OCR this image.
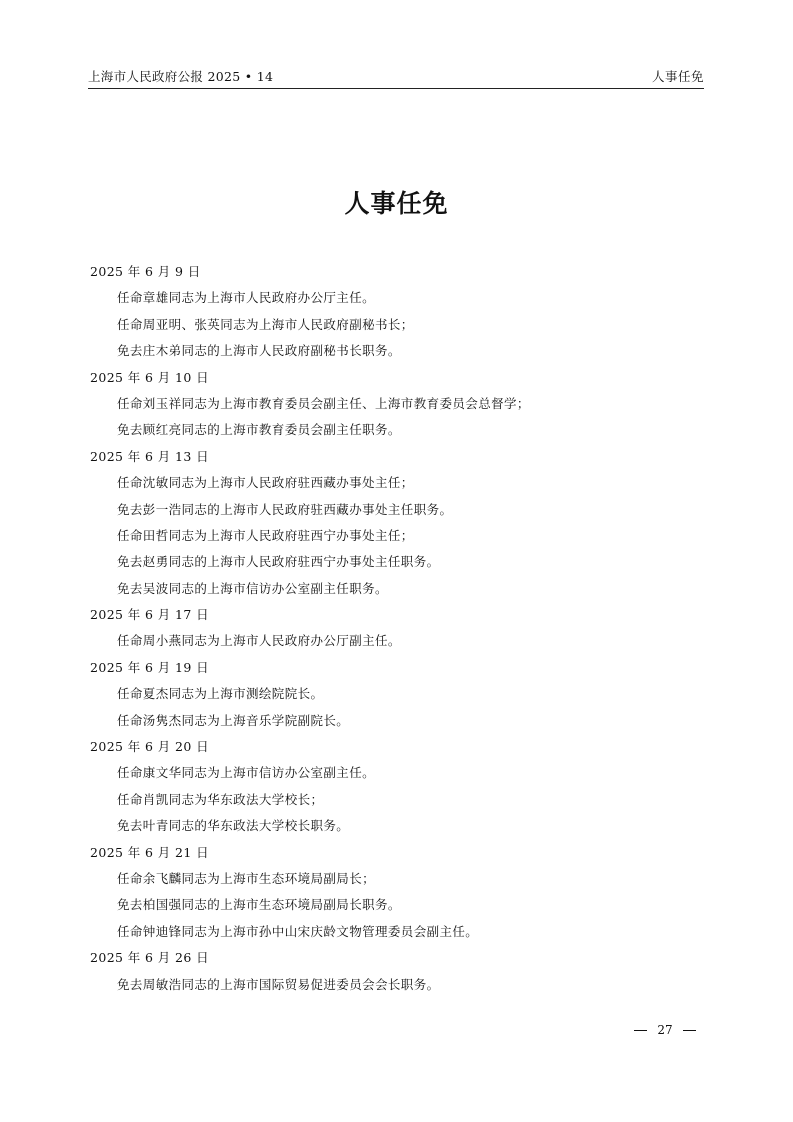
上海市人民政府公报 2025 • 14	人事任免
人事任免
2025 年 6 月 9 日
任命章雄同志为上海市人民政府办公厅主任。
任命周亚明、张英同志为上海市人民政府副秘书长；
免去庄木弟同志的上海市人民政府副秘书长职务。
2025 年 6 月 10 日
任命刘玉祥同志为上海市教育委员会副主任、上海市教育委员会总督学；
免去顾红亮同志的上海市教育委员会副主任职务。
2025 年 6 月 13 日
任命沈敏同志为上海市人民政府驻西藏办事处主任；
免去彭一浩同志的上海市人民政府驻西藏办事处主任职务。
任命田哲同志为上海市人民政府驻西宁办事处主任；
免去赵勇同志的上海市人民政府驻西宁办事处主任职务。
免去吴波同志的上海市信访办公室副主任职务。
2025 年 6 月 17 日
任命周小燕同志为上海市人民政府办公厅副主任。
2025 年 6 月 19 日
任命夏杰同志为上海市测绘院院长。
任命汤隽杰同志为上海音乐学院副院长。
2025 年 6 月 20 日
任命康文华同志为上海市信访办公室副主任。
任命肖凯同志为华东政法大学校长；
免去叶青同志的华东政法大学校长职务。
2025 年 6 月 21 日
任命余飞麟同志为上海市生态环境局副局长；
免去柏国强同志的上海市生态环境局副局长职务。
任命钟迪锋同志为上海市孙中山宋庆龄文物管理委员会副主任。
2025 年 6 月 26 日
免去周敏浩同志的上海市国际贸易促进委员会会长职务。
27
